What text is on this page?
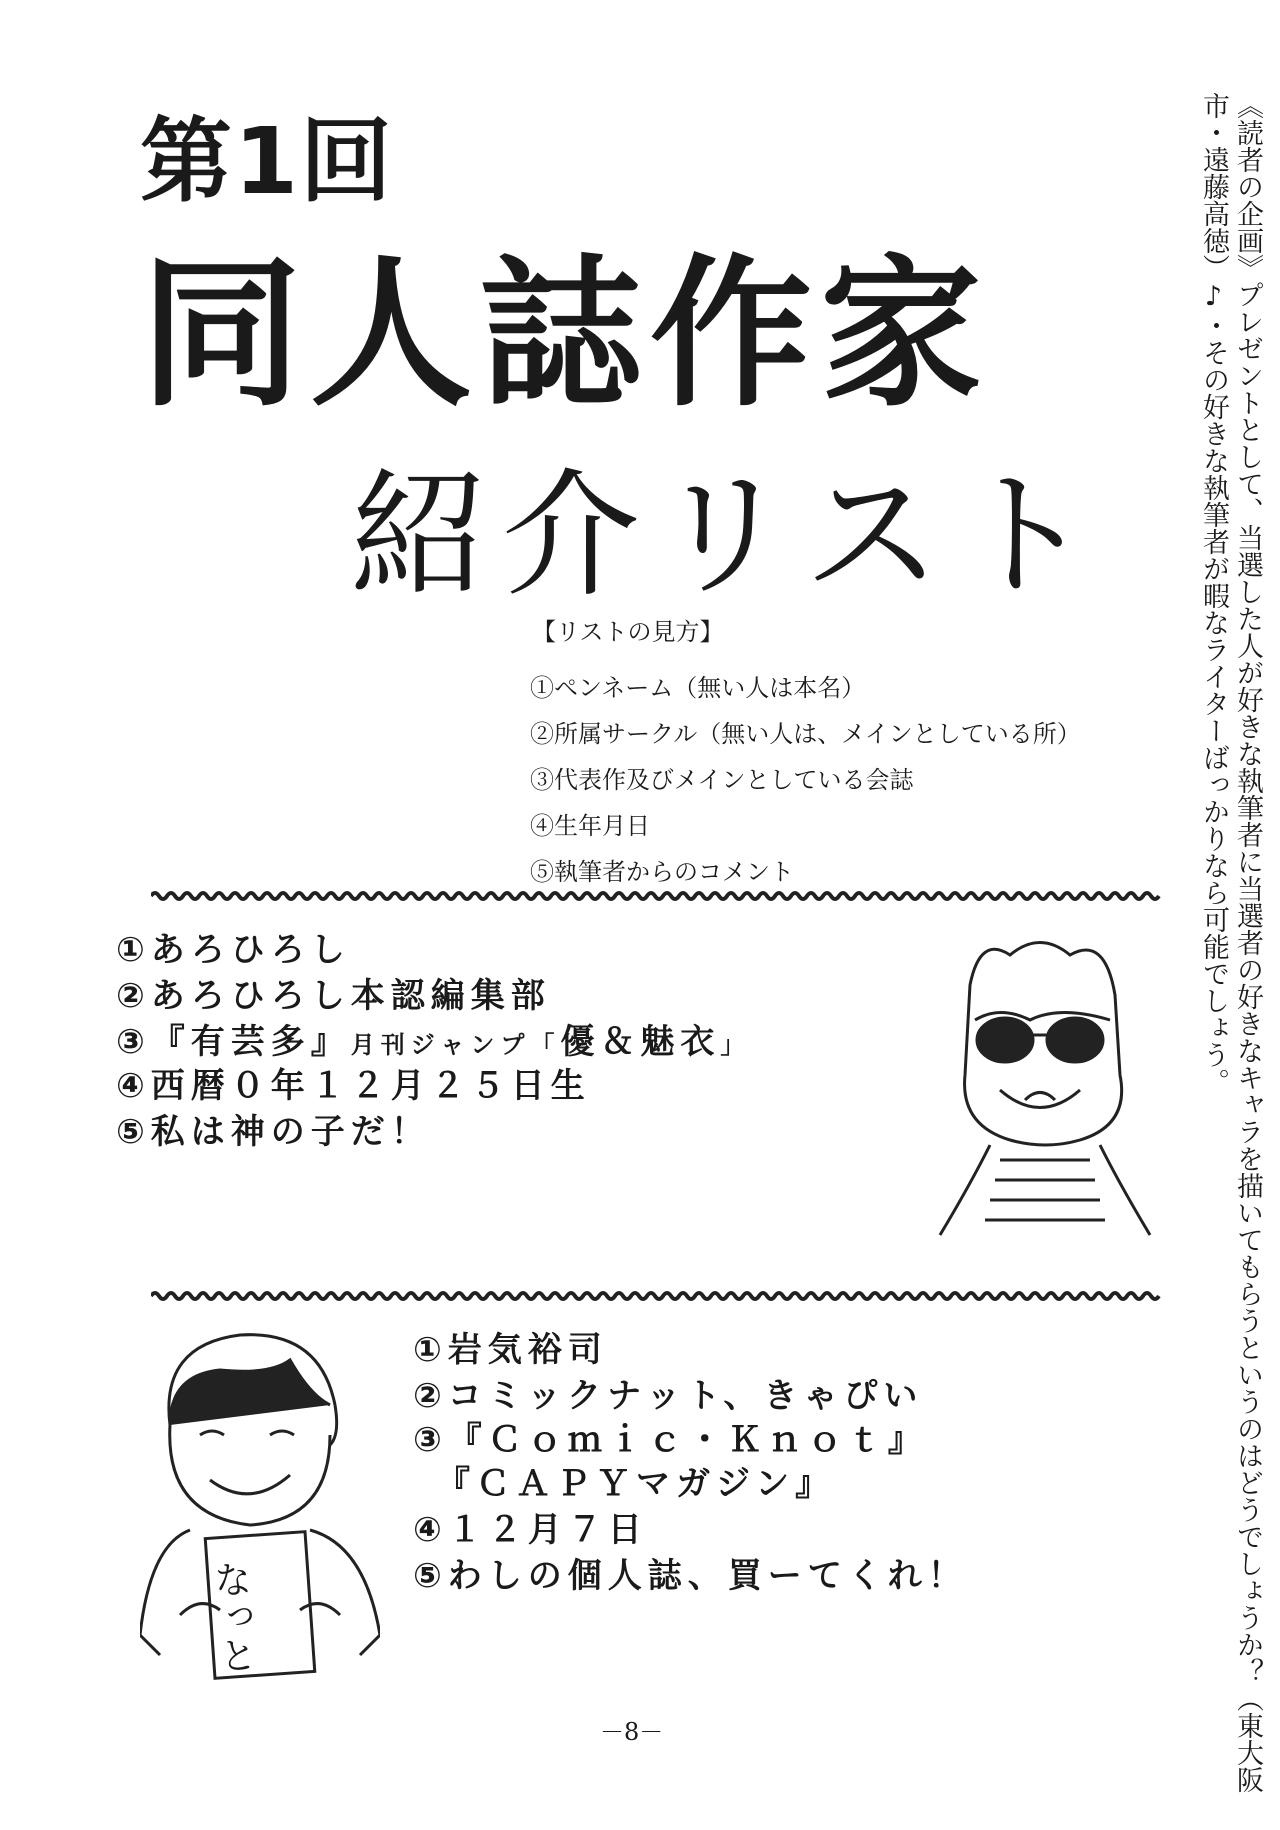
第1回
同人誌作家
紹介リスト
【リストの見方】
①ペンネーム（無い人は本名）
②所属サークル（無い人は、メインとしている所）
③代表作及びメインとしている会誌
④生年月日
⑤執筆者からのコメント
①あろひろし
②あろひろし本認編集部
③『有芸多』月刊ジャンプ「優＆魅衣」
④西暦０年１２月２５日生
⑤私は神の子だ！
なっと
①岩気裕司
②コミックナット、きゃぴい
③『Ｃｏｍｉｃ・Ｋｎｏｔ』
　『ＣＡＰＹマガジン』
④１２月７日
⑤わしの個人誌、買ーてくれ！	《読者の企画》プレゼントとして、当選した人が好きな執筆者に当選者の好きなキャラを描いてもらうというのはどうでしょうか？（東大阪市・遠藤高徳）♪・その好きな執筆者が暇なライターばっかりなら可能でしょう。
－8－
